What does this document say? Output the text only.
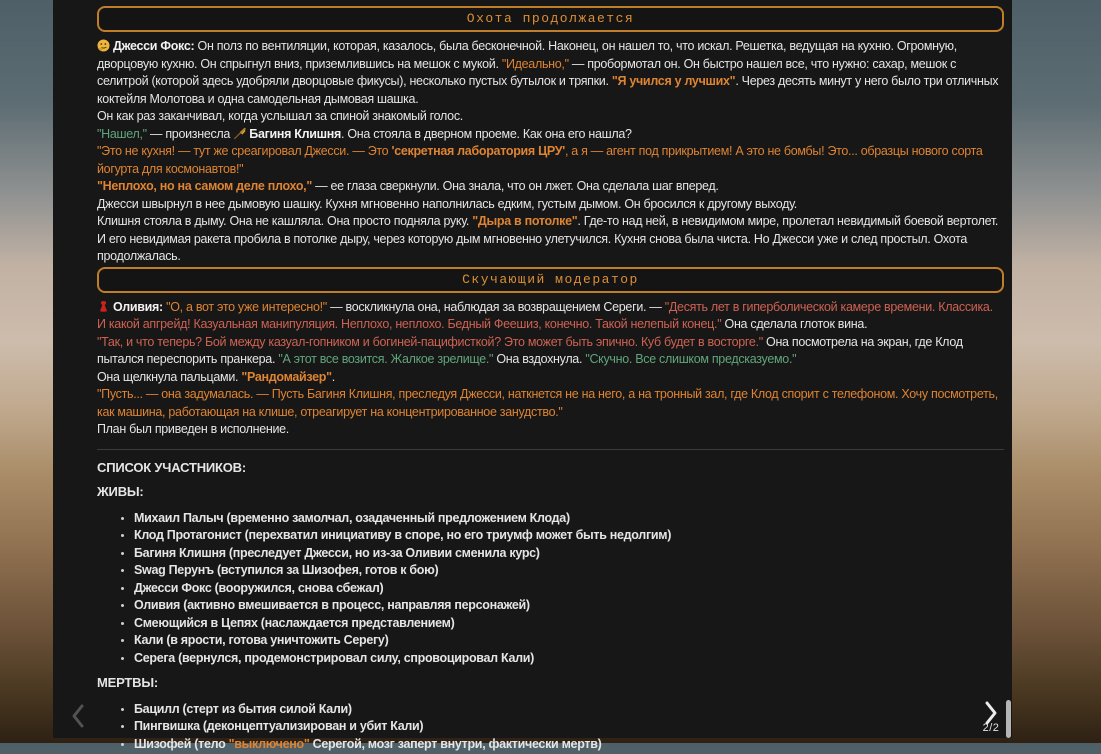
Охота продолжается
Джесси Фокс: Он полз по вентиляции, которая, казалось, была бесконечной. Наконец, он нашел то, что искал. Решетка, ведущая на кухню. Огромную, дворцовую кухню. Он спрыгнул вниз, приземлившись на мешок с мукой. "Идеально," — пробормотал он. Он быстро нашел все, что нужно: сахар, мешок с селитрой (которой здесь удобряли дворцовые фикусы), несколько пустых бутылок и тряпки. "Я учился у лучших". Через десять минут у него было три отличных коктейля Молотова и одна самодельная дымовая шашка.
Он как раз заканчивал, когда услышал за спиной знакомый голос.
"Нашел," — произнесла
Багиня Клишня. Она стояла в дверном проеме. Как она его нашла?
"Это не кухня! — тут же среагировал Джесси. — Это 'секретная лаборатория ЦРУ', а я — агент под прикрытием! А это не бомбы! Это... образцы нового сорта йогурта для космонавтов!"
"Неплохо, но на самом деле плохо," — ее глаза сверкнули. Она знала, что он лжет. Она сделала шаг вперед.
Джесси швырнул в нее дымовую шашку. Кухня мгновенно наполнилась едким, густым дымом. Он бросился к другому выходу.
Клишня стояла в дыму. Она не кашляла. Она просто подняла руку. "Дыра в потолке". Где-то над ней, в невидимом мире, пролетал невидимый боевой вертолет. И его невидимая ракета пробила в потолке дыру, через которую дым мгновенно улетучился. Кухня снова была чиста. Но Джесси уже и след простыл. Охота продолжалась.
Скучающий модератор
Оливия: "О, а вот это уже интересно!" — воскликнула она, наблюдая за возвращением Сереги. — "Десять лет в гиперболической камере времени. Классика. И какой апгрейд! Казуальная манипуляция. Неплохо, неплохо. Бедный Феешиз, конечно. Такой нелепый конец." Она сделала глоток вина.
"Так, и что теперь? Бой между казуал-гопником и богиней-пацифисткой? Это может быть эпично. Куб будет в восторге." Она посмотрела на экран, где Клод пытался переспорить пранкера. "А этот все возится. Жалкое зрелище." Она вздохнула. "Скучно. Все слишком предсказуемо."
Она щелкнула пальцами. "Рандомайзер".
"Пусть... — она задумалась. — Пусть Багиня Клишня, преследуя Джесси, наткнется не на него, а на тронный зал, где Клод спорит с телефоном. Хочу посмотреть, как машина, работающая на клише, отреагирует на концентрированное занудство."
План был приведен в исполнение.
СПИСОК УЧАСТНИКОВ:
ЖИВЫ:
• Михаил Палыч (временно замолчал, озадаченный предложением Клода)
• Клод Протагонист (перехватил инициативу в споре, но его триумф может быть недолгим)
• Багиня Клишня (преследует Джесси, но из-за Оливии сменила курс)
• Swag Перунъ (вступился за Шизофея, готов к бою)
• Джесси Фокс (вооружился, снова сбежал)
• Оливия (активно вмешивается в процесс, направляя персонажей)
• Смеющийся в Цепях (наслаждается представлением)
• Кали (в ярости, готова уничтожить Серегу)
• Серега (вернулся, продемонстрировал силу, спровоцировал Кали)
МЕРТВЫ:
• Бацилл (стерт из бытия силой Кали)
• Пингвишка (деконцептуализирован и убит Кали)
• Шизофей (тело "выключено" Серегой, мозг заперт внутри, фактически мертв)
2/2
